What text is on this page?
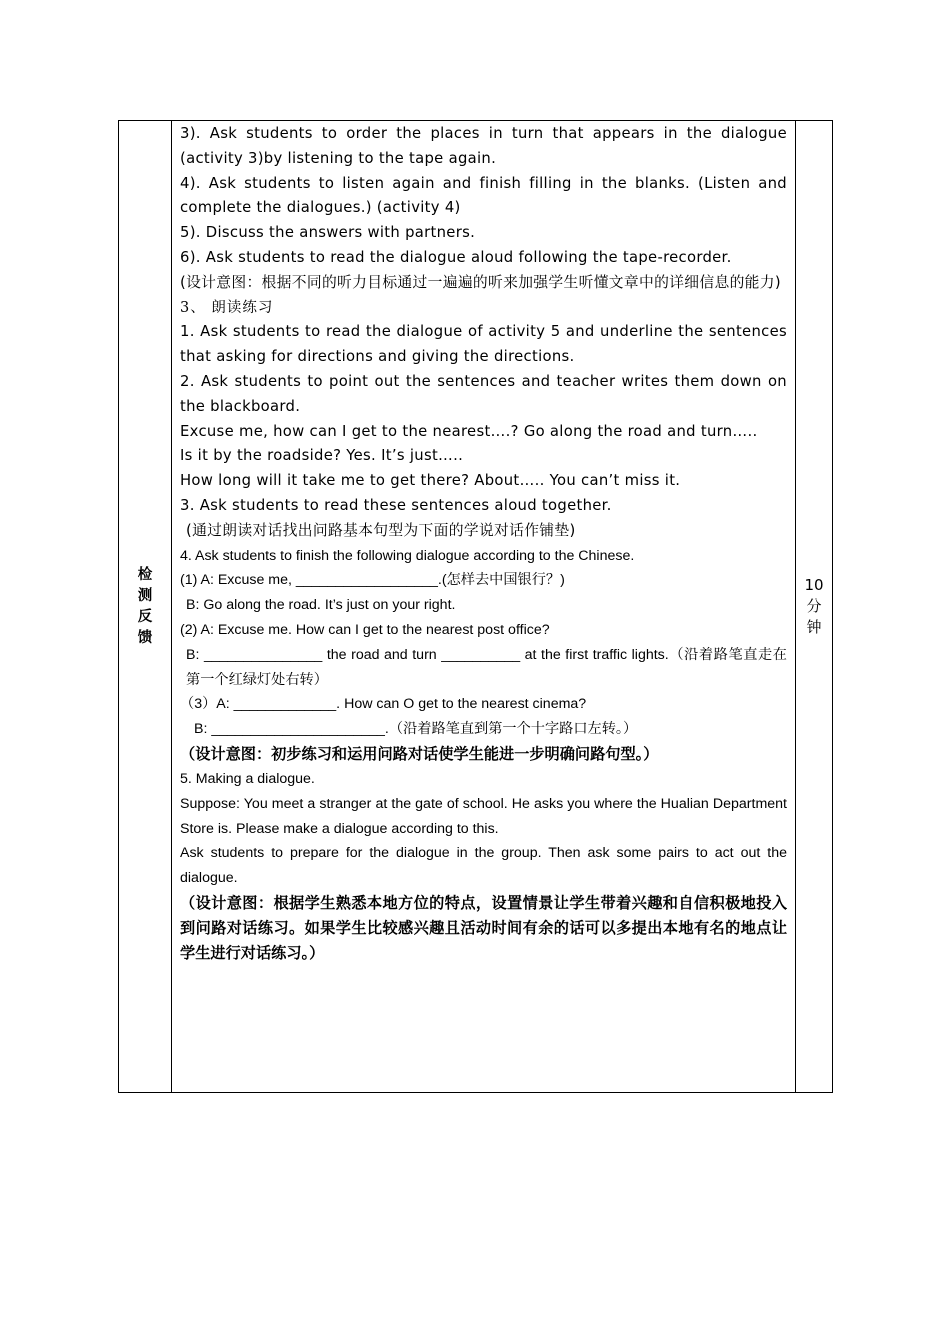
检测反馈

3). Ask students to order the places in turn that appears in the dialogue (activity 3)by listening to the tape again.

4). Ask students to listen again and finish filling in the blanks. (Listen and complete the dialogues.) (activity 4)

5). Discuss the answers with partners.

6). Ask students to read the dialogue aloud following the tape-recorder.

(设计意图：根据不同的听力目标通过一遍遍的听来加强学生听懂文章中的详细信息的能力)

3、 朗读练习

1. Ask students to read the dialogue of activity 5 and underline the sentences that asking for directions and giving the directions.

2. Ask students to point out the sentences and teacher writes them down on the blackboard.

Excuse me, how can I get to the nearest….? Go along the road and turn…..

Is it by the roadside? Yes. It’s just…..

How long will it take me to get there? About….. You can’t miss it.

3. Ask students to read these sentences aloud together.

(通过朗读对话找出问路基本句型为下面的学说对话作铺垫)

4. Ask students to finish the following dialogue according to the Chinese.

(1) A: Excuse me, __________________.(怎样去中国银行？)

B: Go along the road. It’s just on your right.

(2) A: Excuse me. How can I get to the nearest post office?

B: _______________ the road and turn __________ at the first traffic lights.（沿着路笔直走在第一个红绿灯处右转）

（3）A: _____________. How can O get to the nearest cinema?

B: ______________________.（沿着路笔直到第一个十字路口左转。）

（设计意图：初步练习和运用问路对话使学生能进一步明确问路句型。）

5. Making a dialogue.

Suppose: You meet a stranger at the gate of school. He asks you where the Hualian Department Store is. Please make a dialogue according to this.

Ask students to prepare for the dialogue in the group. Then ask some pairs to act out the dialogue.

（设计意图：根据学生熟悉本地方位的特点，设置情景让学生带着兴趣和自信积极地投入到问路对话练习。如果学生比较感兴趣且活动时间有余的话可以多提出本地有名的地点让学生进行对话练习。）

10分钟
